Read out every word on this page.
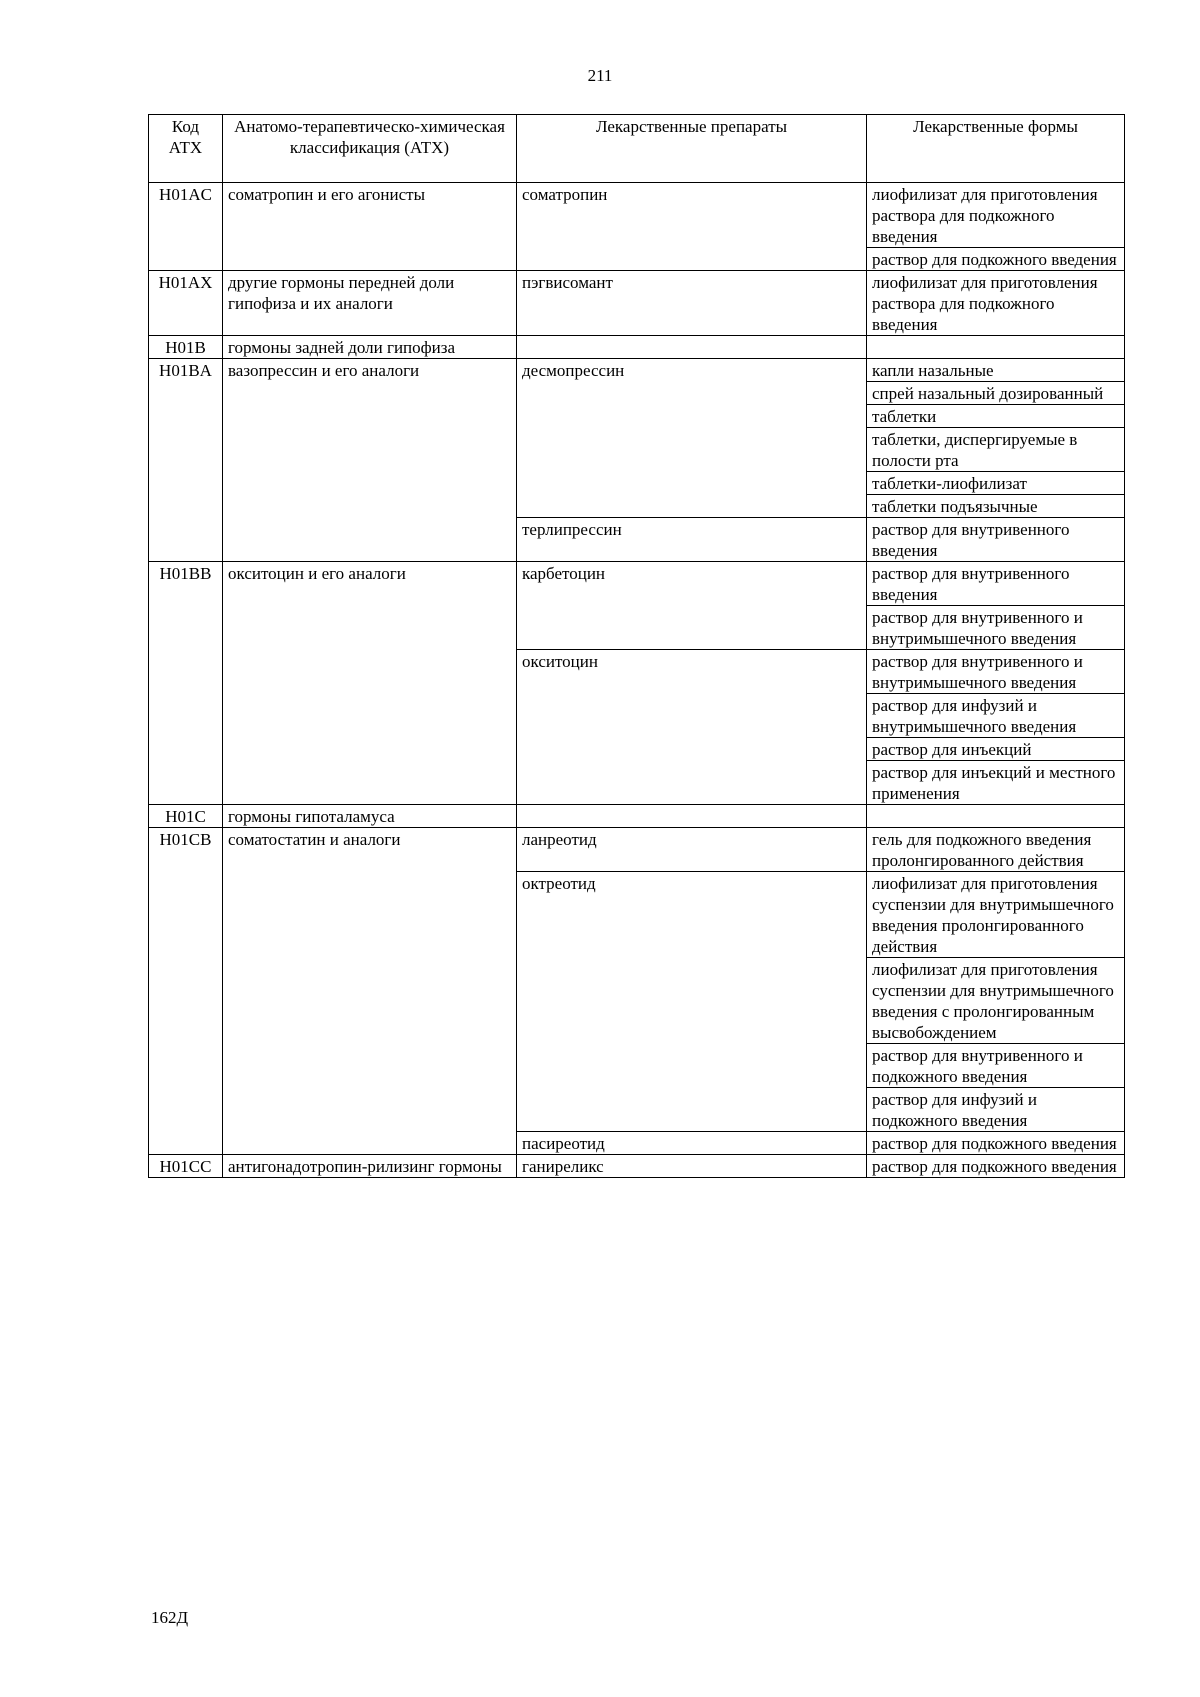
211
Код АТХ	Анатомо-терапевтическо-химическая классификация (АТХ)	Лекарственные препараты	Лекарственные формы
H01AC	соматропин и его агонисты	соматропин	лиофилизат для приготовления раствора для подкожного введения
			раствор для подкожного введения
H01AX	другие гормоны передней доли гипофиза и их аналоги	пэгвисомант	лиофилизат для приготовления раствора для подкожного введения
H01B	гормоны задней доли гипофиза		
H01BA	вазопрессин и его аналоги	десмопрессин	капли назальные
			спрей назальный дозированный
			таблетки
			таблетки, диспергируемые в полости рта
			таблетки-лиофилизат
			таблетки подъязычные
		терлипрессин	раствор для внутривенного введения
H01BB	окситоцин и его аналоги	карбетоцин	раствор для внутривенного введения
			раствор для внутривенного и внутримышечного введения
		окситоцин	раствор для внутривенного и внутримышечного введения
			раствор для инфузий и внутримышечного введения
			раствор для инъекций
			раствор для инъекций и местного применения
H01C	гормоны гипоталамуса		
H01CB	соматостатин и аналоги	ланреотид	гель для подкожного введения пролонгированного действия
		октреотид	лиофилизат для приготовления суспензии для внутримышечного введения пролонгированного действия
			лиофилизат для приготовления суспензии для внутримышечного введения с пролонгированным высвобождением
			раствор для внутривенного и подкожного введения
			раствор для инфузий и подкожного введения
		пасиреотид	раствор для подкожного введения
H01CC	антигонадотропин-рилизинг гормоны	ганиреликс	раствор для подкожного введения
162Д
